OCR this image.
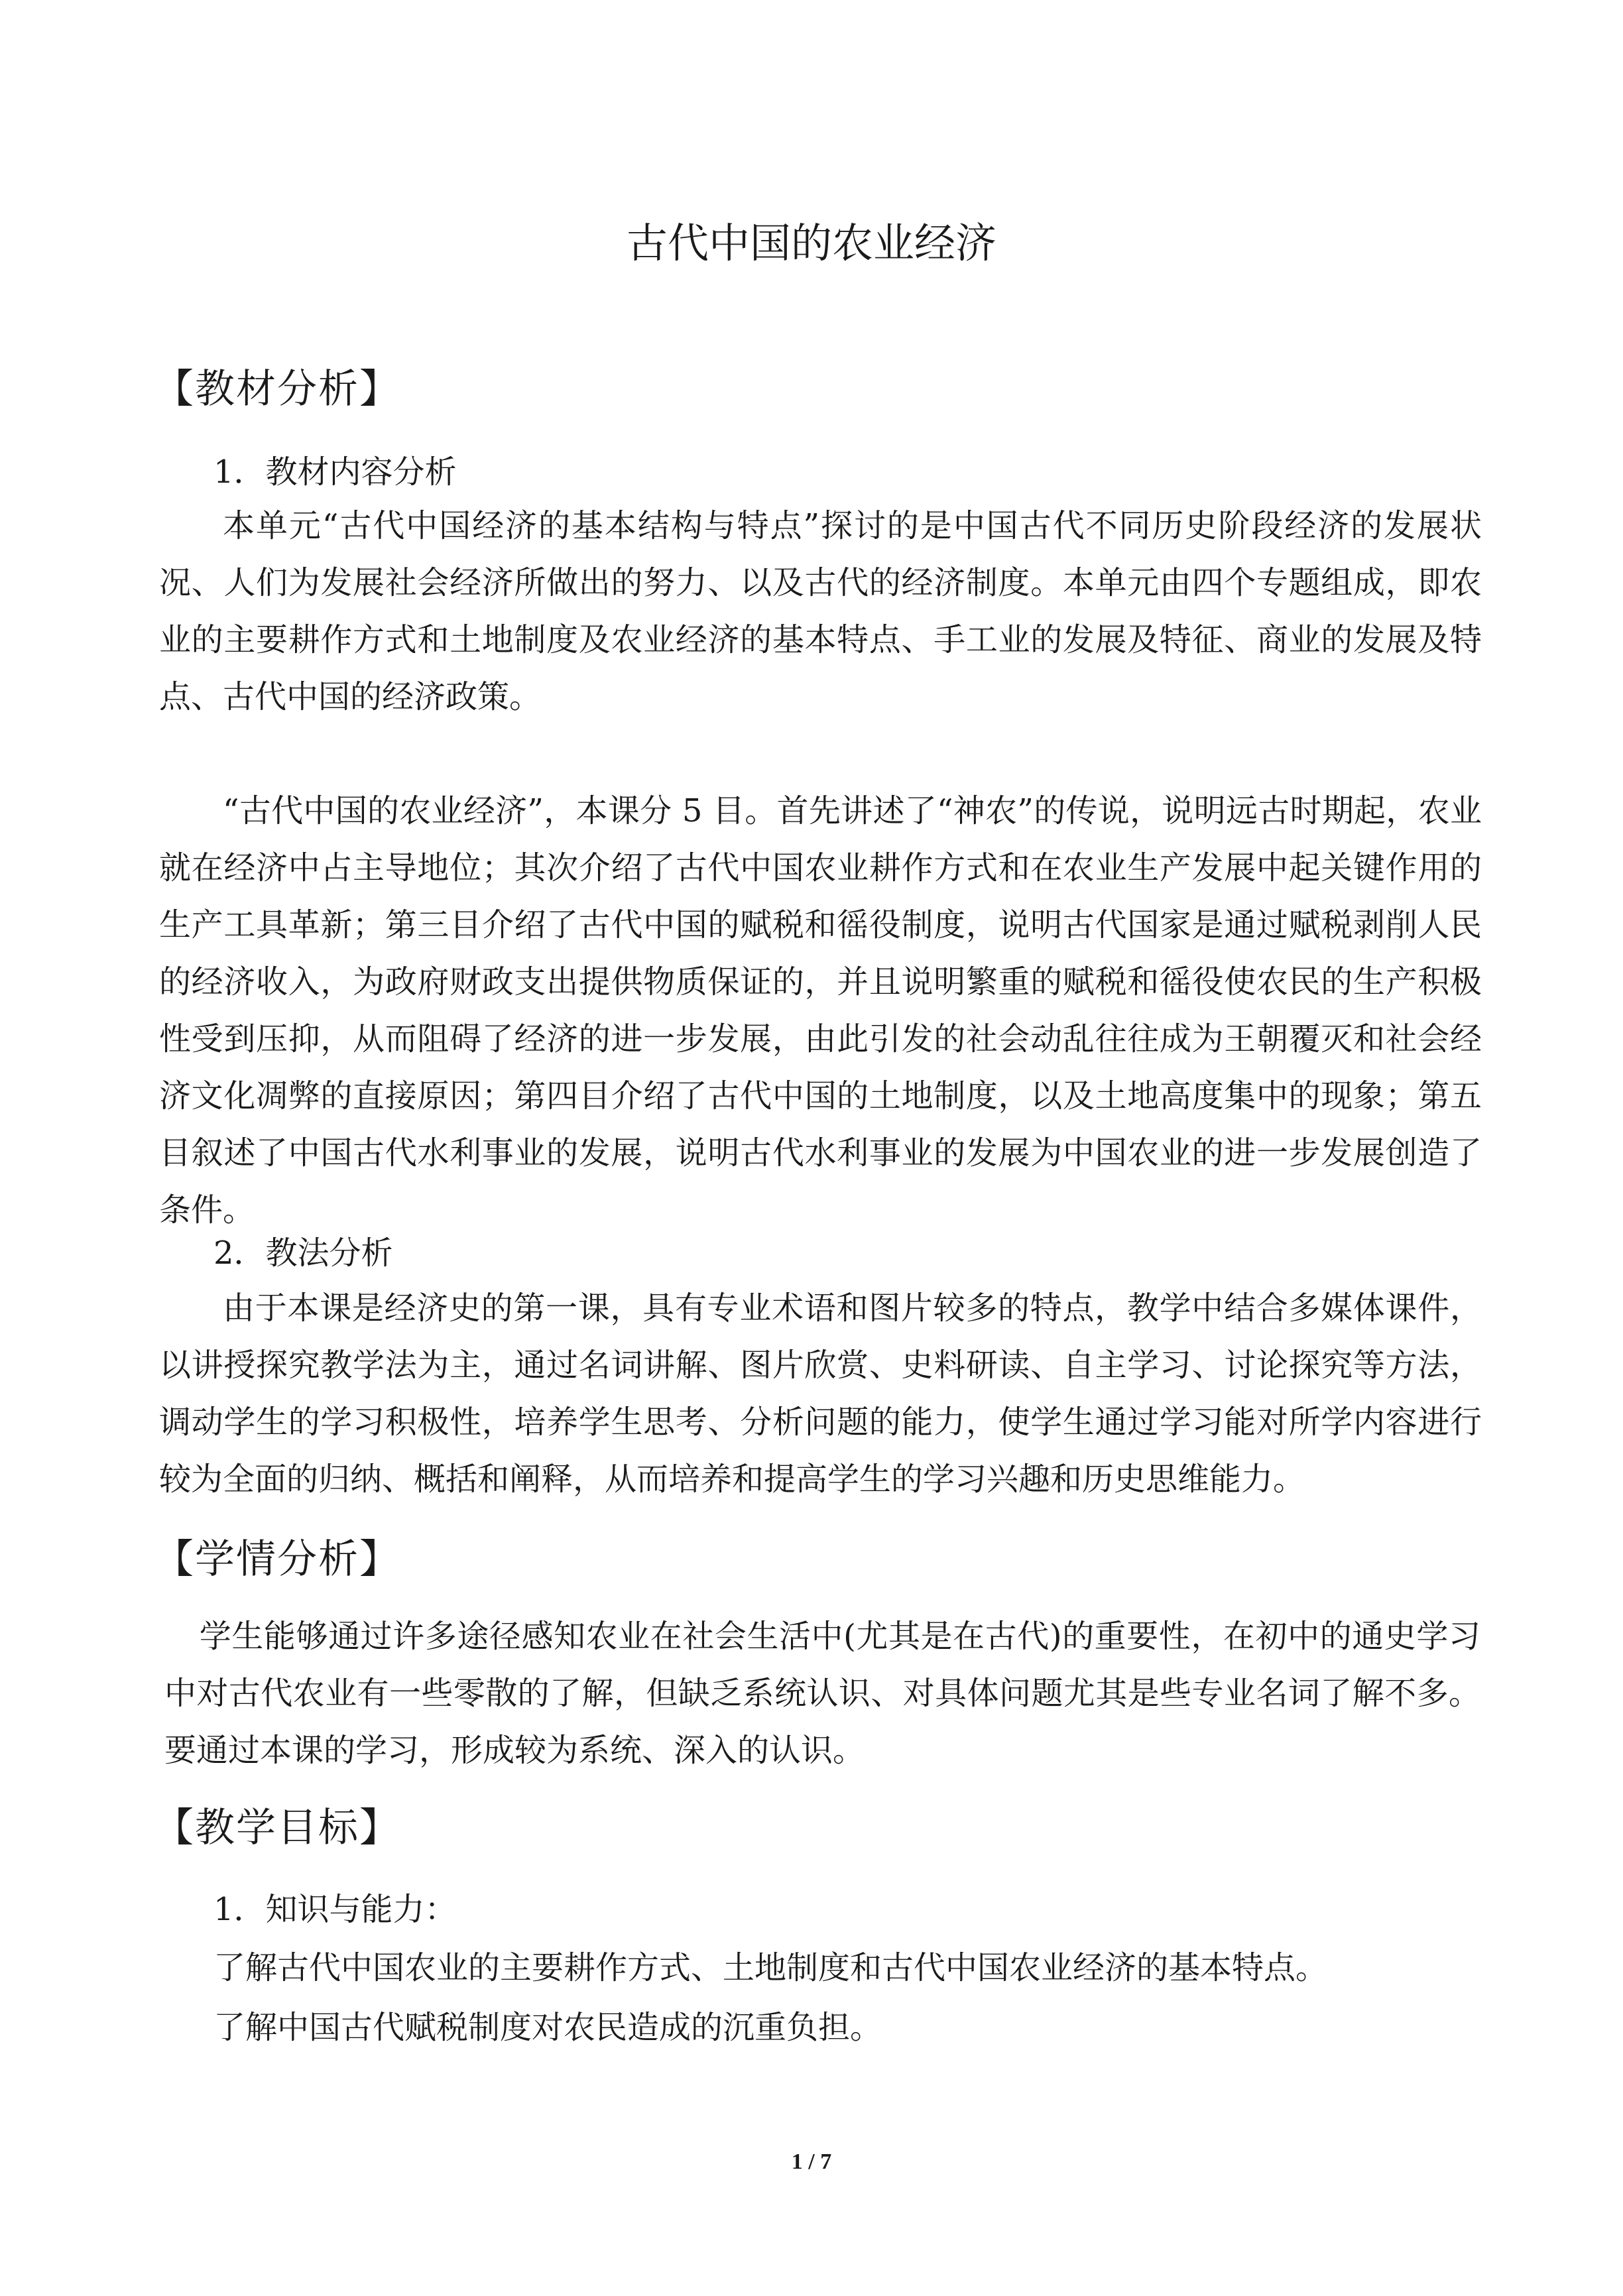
古代中国的农业经济
【教材分析】
1．教材内容分析
本单元“古代中国经济的基本结构与特点”探讨的是中国古代不同历史阶段经济的发展状况、人们为发展社会经济所做出的努力、以及古代的经济制度。本单元由四个专题组成，即农业的主要耕作方式和土地制度及农业经济的基本特点、手工业的发展及特征、商业的发展及特点、古代中国的经济政策。
“古代中国的农业经济”，本课分 5 目。首先讲述了“神农”的传说，说明远古时期起，农业就在经济中占主导地位；其次介绍了古代中国农业耕作方式和在农业生产发展中起关键作用的生产工具革新；第三目介绍了古代中国的赋税和徭役制度，说明古代国家是通过赋税剥削人民的经济收入，为政府财政支出提供物质保证的，并且说明繁重的赋税和徭役使农民的生产积极性受到压抑，从而阻碍了经济的进一步发展，由此引发的社会动乱往往成为王朝覆灭和社会经济文化凋弊的直接原因；第四目介绍了古代中国的土地制度，以及土地高度集中的现象；第五目叙述了中国古代水利事业的发展，说明古代水利事业的发展为中国农业的进一步发展创造了条件。
2．教法分析
由于本课是经济史的第一课，具有专业术语和图片较多的特点，教学中结合多媒体课件，以讲授探究教学法为主，通过名词讲解、图片欣赏、史料研读、自主学习、讨论探究等方法，调动学生的学习积极性，培养学生思考、分析问题的能力，使学生通过学习能对所学内容进行较为全面的归纳、概括和阐释，从而培养和提高学生的学习兴趣和历史思维能力。
【学情分析】
学生能够通过许多途径感知农业在社会生活中(尤其是在古代)的重要性，在初中的通史学习中对古代农业有一些零散的了解，但缺乏系统认识、对具体问题尤其是些专业名词了解不多。要通过本课的学习，形成较为系统、深入的认识。
【教学目标】
1．知识与能力：
了解古代中国农业的主要耕作方式、土地制度和古代中国农业经济的基本特点。
了解中国古代赋税制度对农民造成的沉重负担。
1 / 7
